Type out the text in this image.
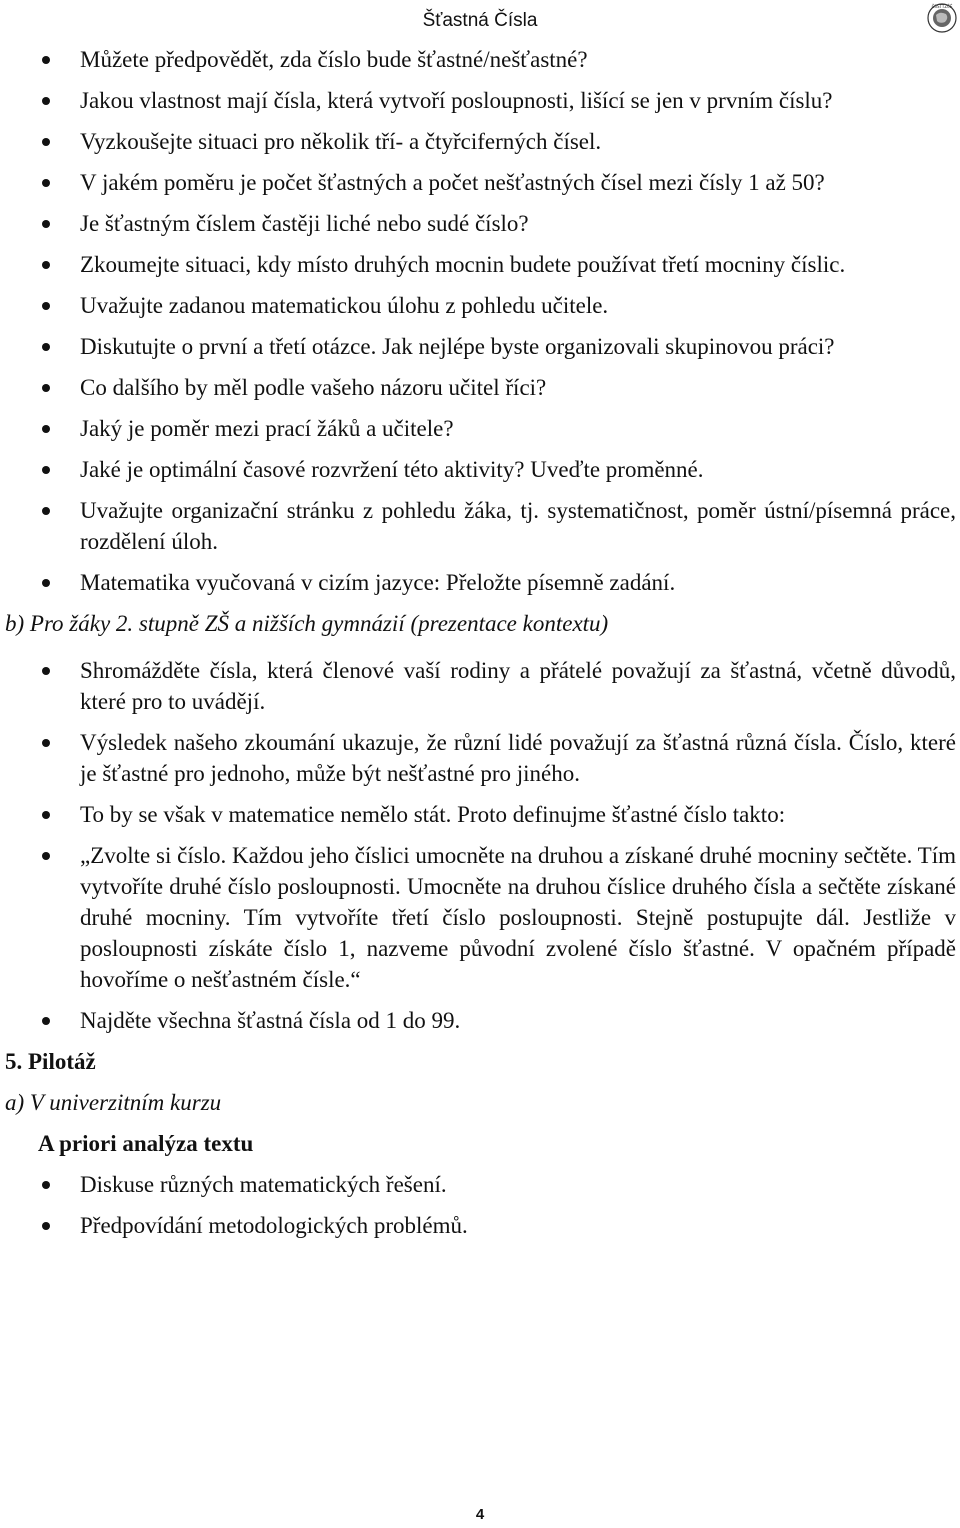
Šťastná Čísla
ČSSTTZČÉ
Můžete předpovědět, zda číslo bude šťastné/nešťastné?
Jakou vlastnost mají čísla, která vytvoří posloupnosti, lišící se jen v prvním číslu?
Vyzkoušejte situaci pro několik tří- a čtyřciferných čísel.
V jakém poměru je počet šťastných a počet nešťastných čísel mezi čísly 1 až 50?
Je šťastným číslem častěji liché nebo sudé číslo?
Zkoumejte situaci, kdy místo druhých mocnin budete používat třetí mocniny číslic.
Uvažujte zadanou matematickou úlohu z pohledu učitele.
Diskutujte o první a třetí otázce. Jak nejlépe byste organizovali skupinovou práci?
Co dalšího by měl podle vašeho názoru učitel říci?
Jaký je poměr mezi prací žáků a učitele?
Jaké je optimální časové rozvržení této aktivity? Uveďte proměnné.
Uvažujte organizační stránku z pohledu žáka, tj. systematičnost, poměr ústní/písemná práce, rozdělení úloh.
Matematika vyučovaná v cizím jazyce: Přeložte písemně zadání.
b) Pro žáky 2. stupně ZŠ a nižších gymnázií (prezentace kontextu)
Shromážděte čísla, která členové vaší rodiny a přátelé považují za šťastná, včetně důvodů, které pro to uvádějí.
Výsledek našeho zkoumání ukazuje, že různí lidé považují za šťastná různá čísla. Číslo, které je šťastné pro jednoho, může být nešťastné pro jiného.
To by se však v matematice nemělo stát. Proto definujme šťastné číslo takto:
„Zvolte si číslo. Každou jeho číslici umocněte na druhou a získané druhé mocniny sečtěte. Tím vytvoříte druhé číslo posloupnosti. Umocněte na druhou číslice druhého čísla a sečtěte získané druhé mocniny. Tím vytvoříte třetí číslo posloupnosti. Stejně postupujte dál. Jestliže v posloupnosti získáte číslo 1, nazveme původní zvolené číslo šťastné. V opačném případě hovoříme o nešťastném čísle.“
Najděte všechna šťastná čísla od 1 do 99.
5. Pilotáž
a) V univerzitním kurzu
A priori analýza textu
Diskuse různých matematických řešení.
Předpovídání metodologických problémů.
4
